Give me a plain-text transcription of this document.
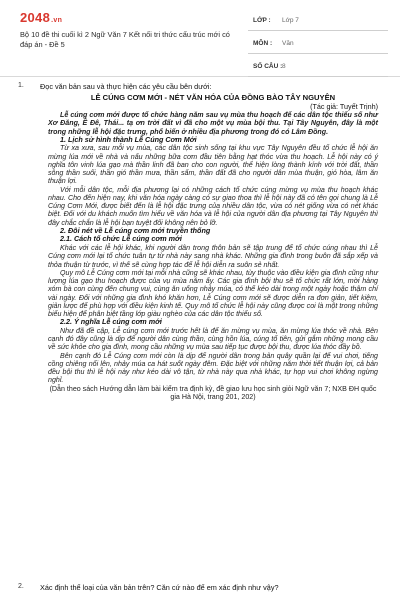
2048.vn
Bộ 10 đề thi cuối kì 2 Ngữ Văn 7 Kết nối tri thức cấu trúc mới có đáp án - Đề 5
LỚP : Lớp 7
MÔN : Văn
SỐ CÂU : 8
1. Đọc văn bản sau và thực hiện các yêu cầu bên dưới:
LỄ CÚNG CƠM MỚI - NÉT VĂN HÓA CỦA ĐỒNG BÀO TÂY NGUYÊN
(Tác giả: Tuyết Trịnh)
Lễ cúng cơm mới được tổ chức hàng năm sau vụ mùa thu hoạch để các dân tộc thiểu số như Xơ Đăng, Ê Đê, Thái... tạ ơn trời đất vì đã cho một vụ mùa bội thu. Tại Tây Nguyên, đây là một trong những lễ hội đặc trưng, phổ biến ở nhiều địa phương trong đó có Lâm Đồng.
1. Lịch sử hình thành Lễ Cúng Cơm Mới
Từ xa xưa, sau mỗi vụ mùa, các dân tộc sinh sống tại khu vực Tây Nguyên đều tổ chức lễ hội ăn mừng lúa mới về nhà và nấu những bữa cơm đầu tiên bằng hạt thóc vừa thu hoạch. Lễ hội này có ý nghĩa tôn vinh lúa gạo mà thần linh đã ban cho con người, thể hiện lòng thành kính với trời đất, thần sông thần suối, thần gió thần mưa, thần sấm, thần đất đã cho người dân mùa thuận, gió hòa, lâm ăn thuận lợi.
Với mỗi dân tộc, mỗi địa phương lại có những cách tổ chức cúng mừng vụ mùa thu hoạch khác nhau. Cho đến hiện nay, khi văn hóa ngày càng có sự giao thoa thì lễ hội này đã có tên gọi chung là Lễ Cúng Cơm Mới, được biết đến là lễ hội đặc trưng của nhiều dân tộc, vừa có nét giống vừa có nét khác biệt. Đối với du khách muốn tìm hiểu về văn hóa và lễ hội của người dân địa phương tại Tây Nguyên thì đây chắc chắn là lễ hội bạn tuyệt đối không nên bỏ lỡ.
2. Đôi nét về Lễ cúng cơm mới truyền thống
2.1. Cách tổ chức Lễ cúng cơm mới
Khác với các lễ hội khác, khi người dân trong thôn bản sẽ tập trung để tổ chức cúng nhau thì Lễ Cúng cơm mới lại tổ chức tuân tự từ nhà này sang nhà khác. Những gia đình trong buôn đã sắp xếp và thỏa thuận từ trước, vì thế sẽ cùng hợp tác để lễ hội diễn ra suôn sẻ nhất.
Quy mô Lễ Cúng cơm mới tại mỗi nhà cũng sẽ khác nhau, tùy thuộc vào điều kiện gia đình cũng như lượng lúa gạo thu hoạch được của vụ mùa năm ấy. Các gia đình bội thu sẽ tổ chức rất lớn, mời hàng xóm bà con cùng đến chung vui, cùng ăn uống nhảy múa, có thể kéo dài trong một ngày hoặc thậm chí vài ngày. Đối với những gia đình khó khăn hơn, Lễ Cúng cơm mới sẽ được diễn ra đơn giản, tiết kiệm, giản lược để phù hợp với điều kiện kinh tế. Quy mô tổ chức lễ hội này cũng được coi là một trong những biểu hiện để phân biệt tầng lớp giàu nghèo của các dân tộc thiểu số.
2.2. Ý nghĩa Lễ cúng cơm mới
Như đã đề cập, Lễ cúng cơm mới trước hết là để ăn mừng vụ mùa, ăn mừng lúa thóc về nhà. Bên cạnh đó đây cũng là dịp để người dân cùng thần, cùng hồn lúa, cúng tổ tiên, gửi gắm những mong cầu về sức khỏe cho gia đình, mong cầu những vụ mùa sau tiếp tục được bội thu, được lúa thóc đầy bồ.
Bên cạnh đó Lễ Cúng cơm mới còn là dịp để người dân trong bản quây quần lại để vui chơi, tiếng cồng chiêng nổi lên, nhảy múa ca hát suốt ngày đêm. Đặc biệt với những năm thời tiết thuận lợi, cả bản đều bội thu thì lễ hội này như kéo dài vô tận, từ nhà này qua nhà khác, tự họp vui chơi không ngừng nghỉ.
(Dẫn theo sách Hướng dẫn làm bài kiểm tra định kỳ, đề giao lưu học sinh giỏi Ngữ văn 7; NXB ĐH quốc gia Hà Nội, trang 201, 202)
2. Xác định thể loại của văn bản trên? Căn cứ nào để em xác định như vậy?
